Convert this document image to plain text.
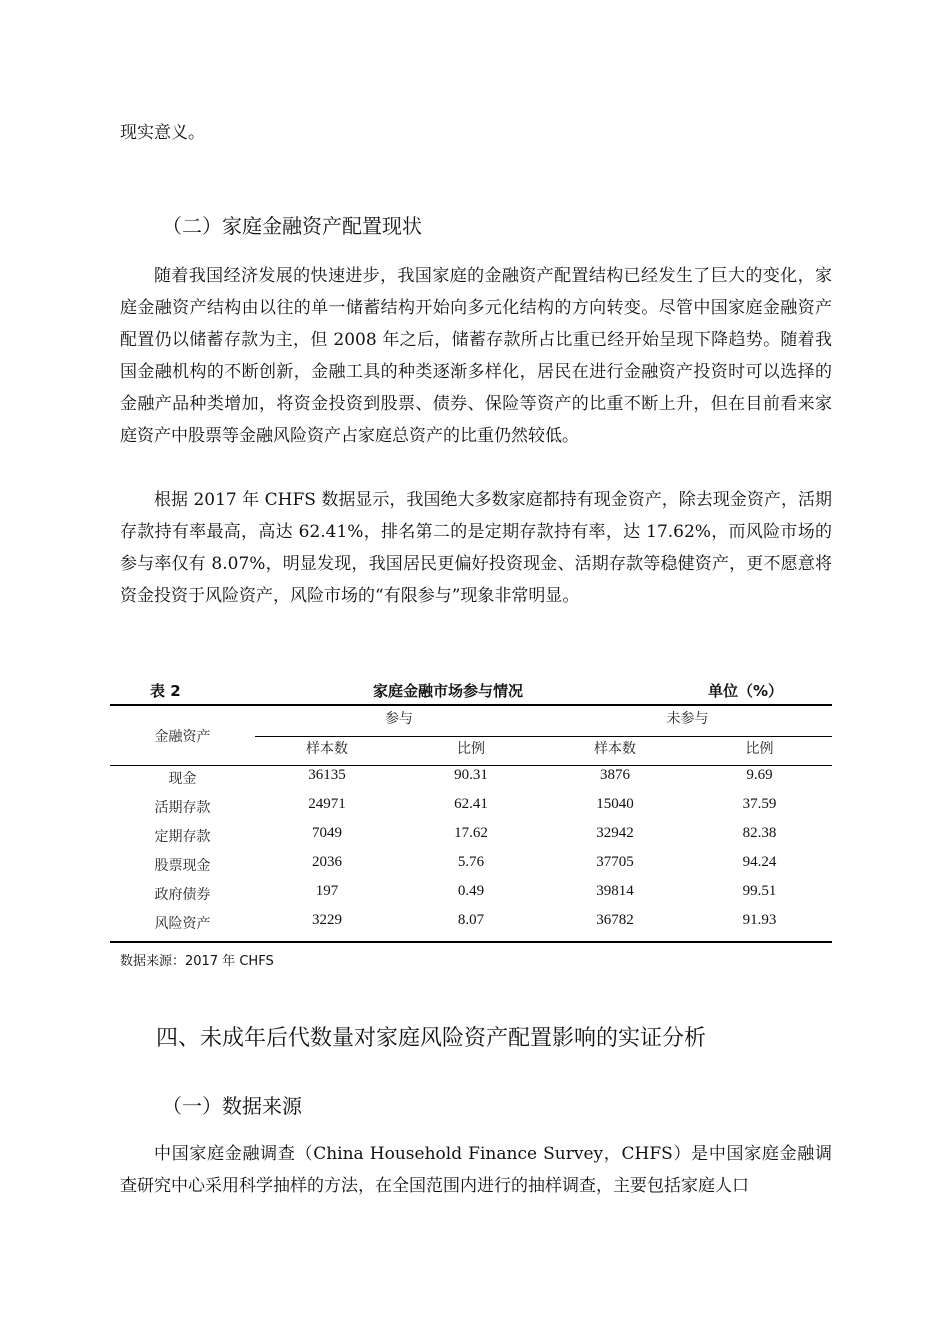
现实意义。

（二）家庭金融资产配置现状

随着我国经济发展的快速进步，我国家庭的金融资产配置结构已经发生了巨大的变化，家庭金融资产结构由以往的单一储蓄结构开始向多元化结构的方向转变。尽管中国家庭金融资产配置仍以储蓄存款为主，但 2008 年之后，储蓄存款所占比重已经开始呈现下降趋势。随着我国金融机构的不断创新，金融工具的种类逐渐多样化，居民在进行金融资产投资时可以选择的金融产品种类增加，将资金投资到股票、债券、保险等资产的比重不断上升，但在目前看来家庭资产中股票等金融风险资产占家庭总资产的比重仍然较低。

根据 2017 年 CHFS 数据显示，我国绝大多数家庭都持有现金资产，除去现金资产，活期存款持有率最高，高达 62.41%，排名第二的是定期存款持有率，达 17.62%，而风险市场的参与率仅有 8.07%，明显发现，我国居民更偏好投资现金、活期存款等稳健资产，更不愿意将资金投资于风险资产，风险市场的“有限参与”现象非常明显。

表 2	家庭金融市场参与情况	单位（%）
金融资产
参与	未参与
样本数	比例	样本数	比例
现金	36135	90.31	3876	9.69
活期存款	24971	62.41	15040	37.59
定期存款	7049	17.62	32942	82.38
股票现金	2036	5.76	37705	94.24
政府债券	197	0.49	39814	99.51
风险资产	3229	8.07	36782	91.93
数据来源：2017 年 CHFS
四、未成年后代数量对家庭风险资产配置影响的实证分析
（一）数据来源

中国家庭金融调查（China Household Finance Survey，CHFS）是中国家庭金融调查研究中心采用科学抽样的方法，在全国范围内进行的抽样调查，主要包括家庭人口
